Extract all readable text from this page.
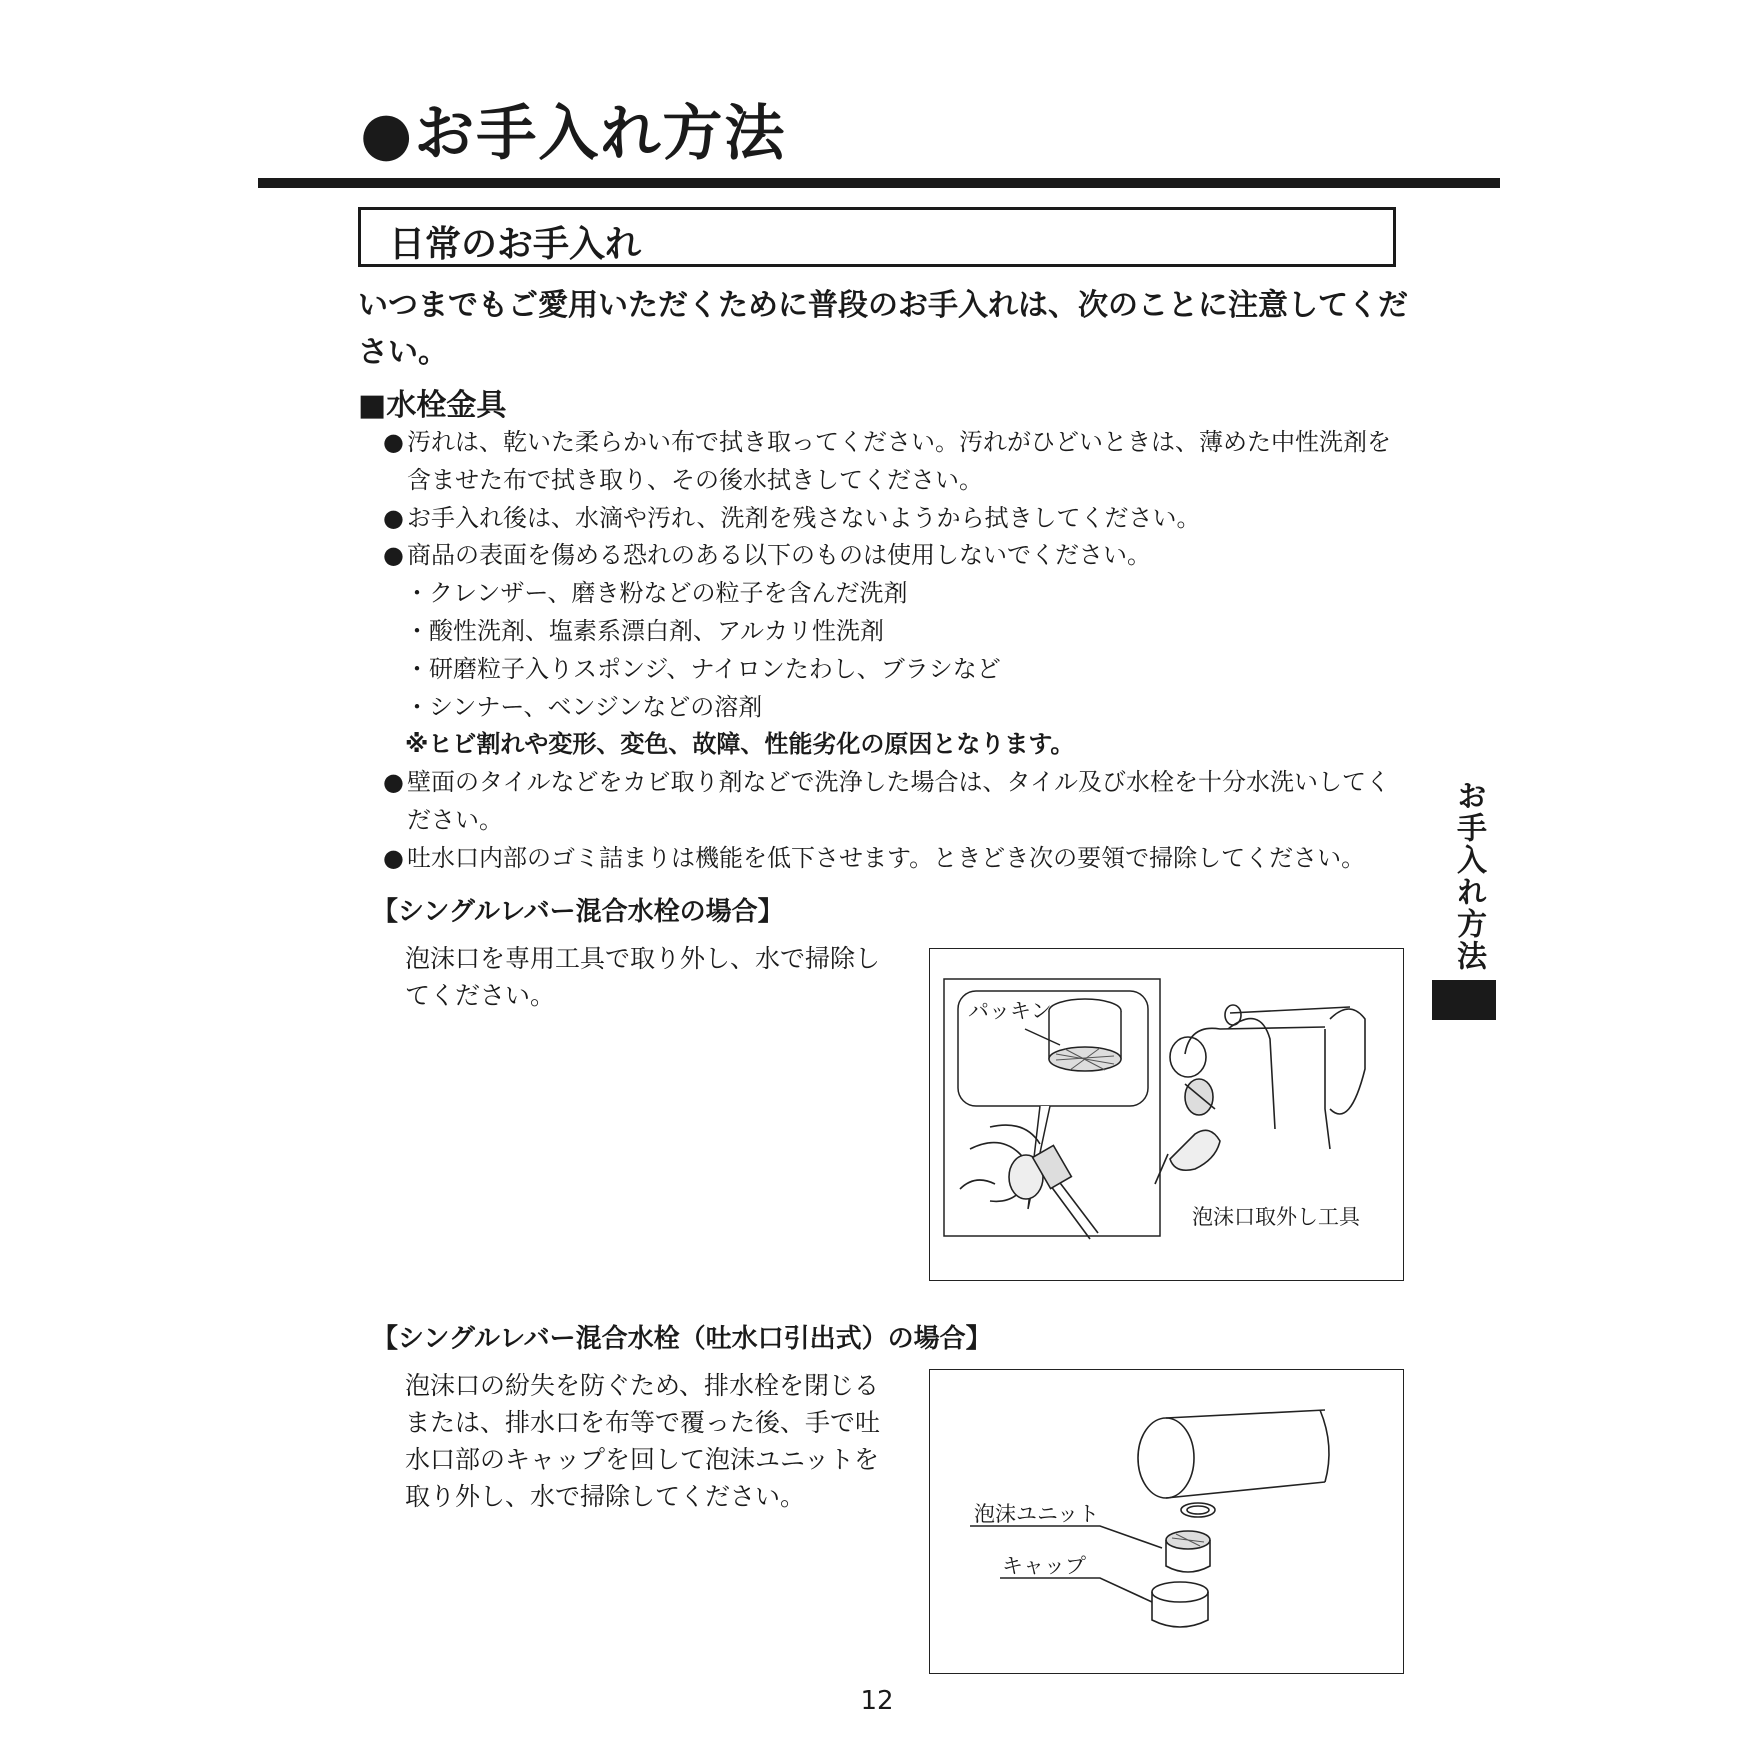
●お手入れ方法
日常のお手入れ
いつまでもご愛用いただくために普段のお手入れは、次のことに注意してください。
■水栓金具
● 汚れは、乾いた柔らかい布で拭き取ってください。汚れがひどいときは、薄めた中性洗剤を含ませた布で拭き取り、その後水拭きしてください。
● お手入れ後は、水滴や汚れ、洗剤を残さないようから拭きしてください。
● 商品の表面を傷める恐れのある以下のものは使用しないでください。
・クレンザー、磨き粉などの粒子を含んだ洗剤
・酸性洗剤、塩素系漂白剤、アルカリ性洗剤
・研磨粒子入りスポンジ、ナイロンたわし、ブラシなど
・シンナー、ベンジンなどの溶剤
※ヒビ割れや変形、変色、故障、性能劣化の原因となります。
● 壁面のタイルなどをカビ取り剤などで洗浄した場合は、タイル及び水栓を十分水洗いしてください。
● 吐水口内部のゴミ詰まりは機能を低下させます。ときどき次の要領で掃除してください。
【シングルレバー混合水栓の場合】
泡沫口を専用工具で取り外し、水で掃除してください。
パッキン
泡沫口取外し工具
【シングルレバー混合水栓（吐水口引出式）の場合】
泡沫口の紛失を防ぐため、排水栓を閉じるまたは、排水口を布等で覆った後、手で吐水口部のキャップを回して泡沫ユニットを取り外し、水で掃除してください。
泡沫ユニット
キャップ
お手入れ方法
12
